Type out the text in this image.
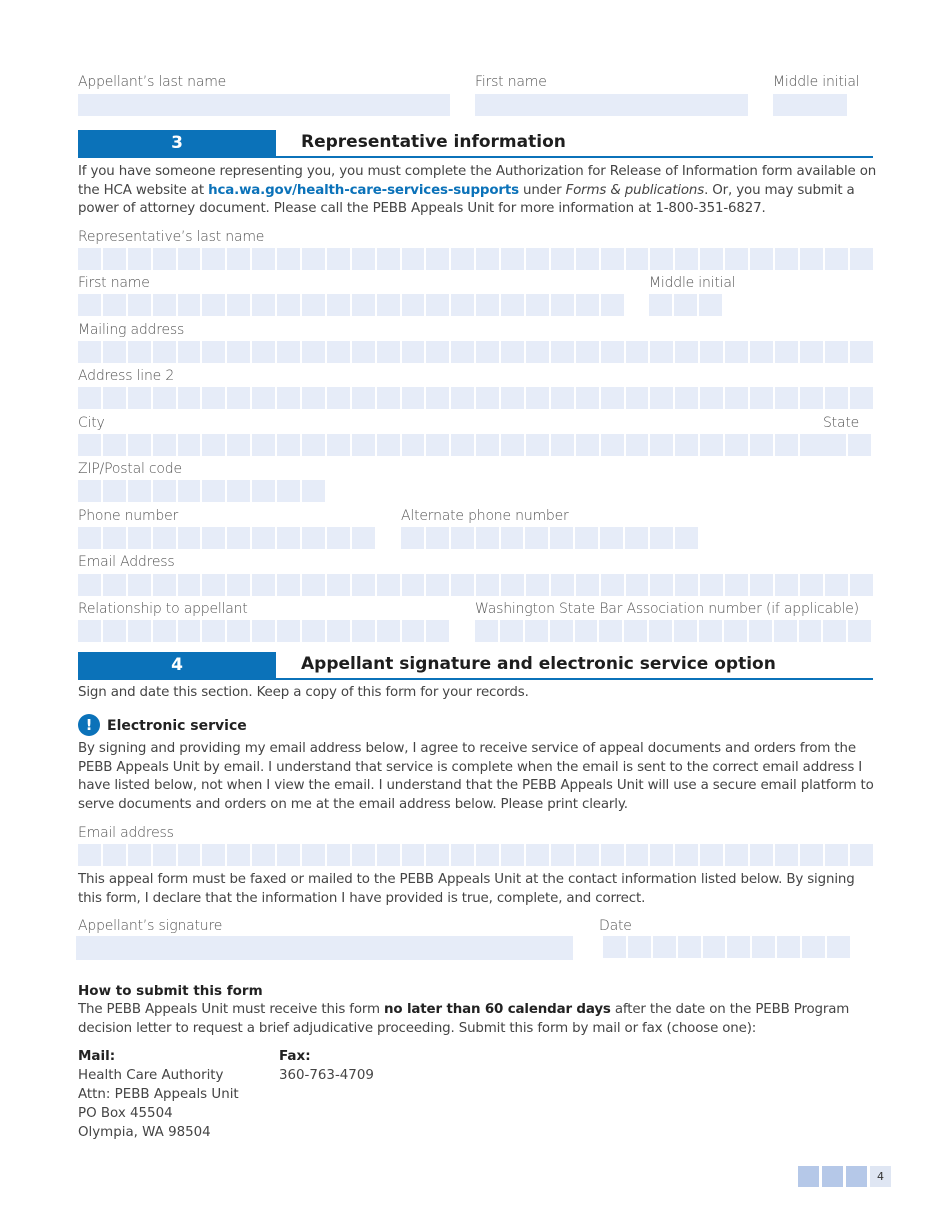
Appellant’s last name	First name	Middle initial
3	Representative information
If you have someone representing you, you must complete the Authorization for Release of Information form available on the HCA website at hca.wa.gov/health-care-services-supports under Forms & publications. Or, you may submit a power of attorney document. Please call the PEBB Appeals Unit for more information at 1-800-351-6827.
Representative’s last name
First name	Middle initial
Mailing address
Address line 2
City	State
ZIP/Postal code
Phone number	Alternate phone number
Email Address
Relationship to appellant	Washington State Bar Association number (if applicable)
4	Appellant signature and electronic service option
Sign and date this section. Keep a copy of this form for your records.
!	Electronic service
By signing and providing my email address below, I agree to receive service of appeal documents and orders from the PEBB Appeals Unit by email. I understand that service is complete when the email is sent to the correct email address I have listed below, not when I view the email. I understand that the PEBB Appeals Unit will use a secure email platform to serve documents and orders on me at the email address below. Please print clearly.
Email address
This appeal form must be faxed or mailed to the PEBB Appeals Unit at the contact information listed below. By signing this form, I declare that the information I have provided is true, complete, and correct.
Appellant’s signature	Date
How to submit this form
The PEBB Appeals Unit must receive this form no later than 60 calendar days after the date on the PEBB Program decision letter to request a brief adjudicative proceeding. Submit this form by mail or fax (choose one):
Mail:
Health Care Authority
Attn: PEBB Appeals Unit
PO Box 45504
Olympia, WA 98504
Fax:
360-763-4709
4
